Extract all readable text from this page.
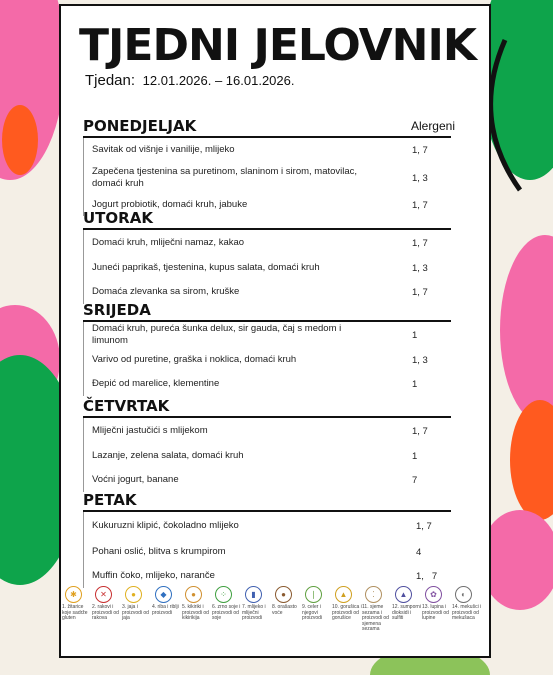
TJEDNI JELOVNIK
Tjedan: 12.01.2026. – 16.01.2026.
PONEDJELJAK	Alergeni
Savitak od višnje i vanilije, mlijeko	1, 7
Zapečena tjestenina sa puretinom, slaninom i sirom, matovilac, domaći kruh	1, 3
Jogurt probiotik, domaći kruh, jabuke	1, 7
UTORAK
Domaći kruh, mliječni namaz, kakao	1, 7
Juneći paprikaš, tjestenina, kupus salata, domaći kruh	1, 3
Domaća zlevanka sa sirom, kruške	1, 7
SRIJEDA
Domaći kruh, pureća šunka delux, sir gauda, čaj s medom i limunom	1
Varivo od puretine, graška i noklica, domaći kruh	1, 3
Đepić od marelice, klementine	1
ČETVRTAK
Mliječni jastučići s mlijekom	1, 7
Lazanje, zelena salata, domaći kruh	1
Voćni jogurt, banane	7
PETAK
Kukuruzni klipić, čokoladno mlijeko	1, 7
Pohani oslić, blitva s krumpirom	4
Muffin čoko, mlijeko, naranče	1,   7
✱
1. žitarice koje sadrže gluten
✕
2. rakovi i proizvodi od rakova
●
3. jaja i proizvodi od jaja
◆
4. riba i riblji proizvodi
●
5. kikiriki i proizvodi od kikirikija
⁘
6. zrno soje i proizvodi od soje
▮
7. mlijeko i mliječni proizvodi
●
8. orašasto voće
❘
9. celer i njegovi proizvodi
▲
10. gorušica i proizvodi od gorušice
⁚
11. sjeme sezama i proizvodi od sjemena sezama
▲
12. sumporni dioksidi i sulfiti
✿
13. lupina i proizvodi od lupine
◐
14. mekušci i proizvodi od mekušaca
